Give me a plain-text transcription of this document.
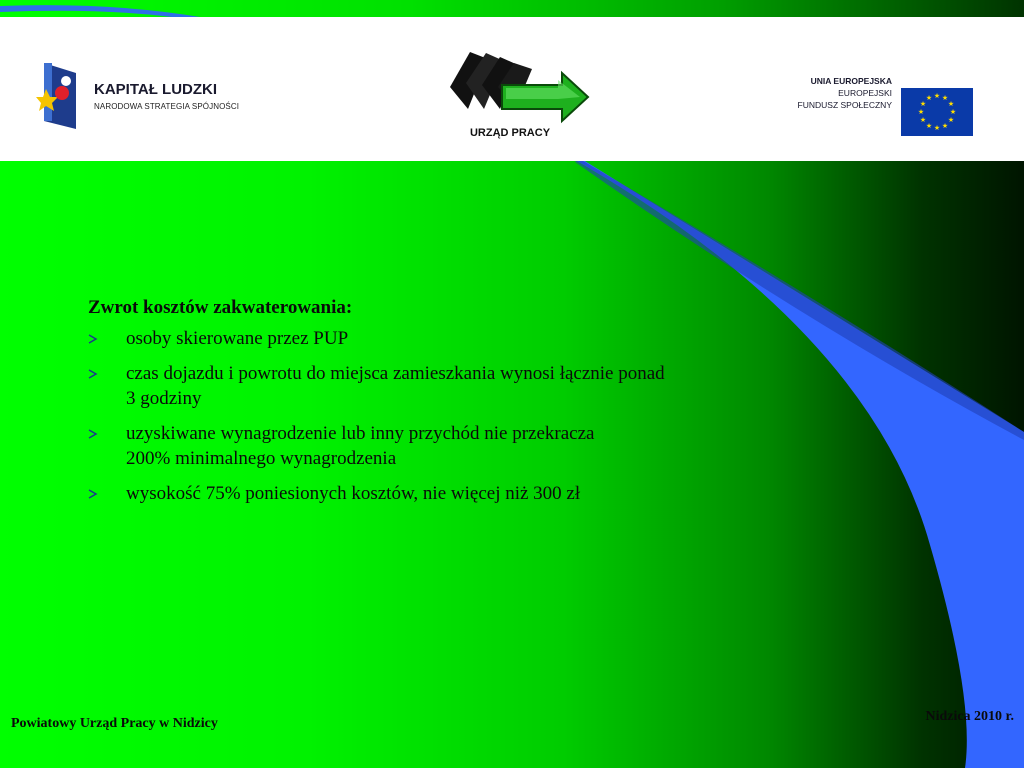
KAPITAŁ LUDZKI
NARODOWA STRATEGIA SPÓJNOŚCI
URZĄD PRACY
UNIA EUROPEJSKA
EUROPEJSKI
FUNDUSZ SPOŁECZNY
★ ★
★
★
★
★
★
★
★
★
★
★
Zwrot kosztów zakwaterowania:
osoby skierowane przez PUP
czas dojazdu i powrotu do miejsca zamieszkania wynosi łącznie ponad
3 godziny
uzyskiwane wynagrodzenie lub inny przychód nie przekracza
200% minimalnego wynagrodzenia
wysokość 75% poniesionych kosztów, nie więcej niż 300 zł
Powiatowy Urząd Pracy w Nidzicy	Nidzica 2010 r.
